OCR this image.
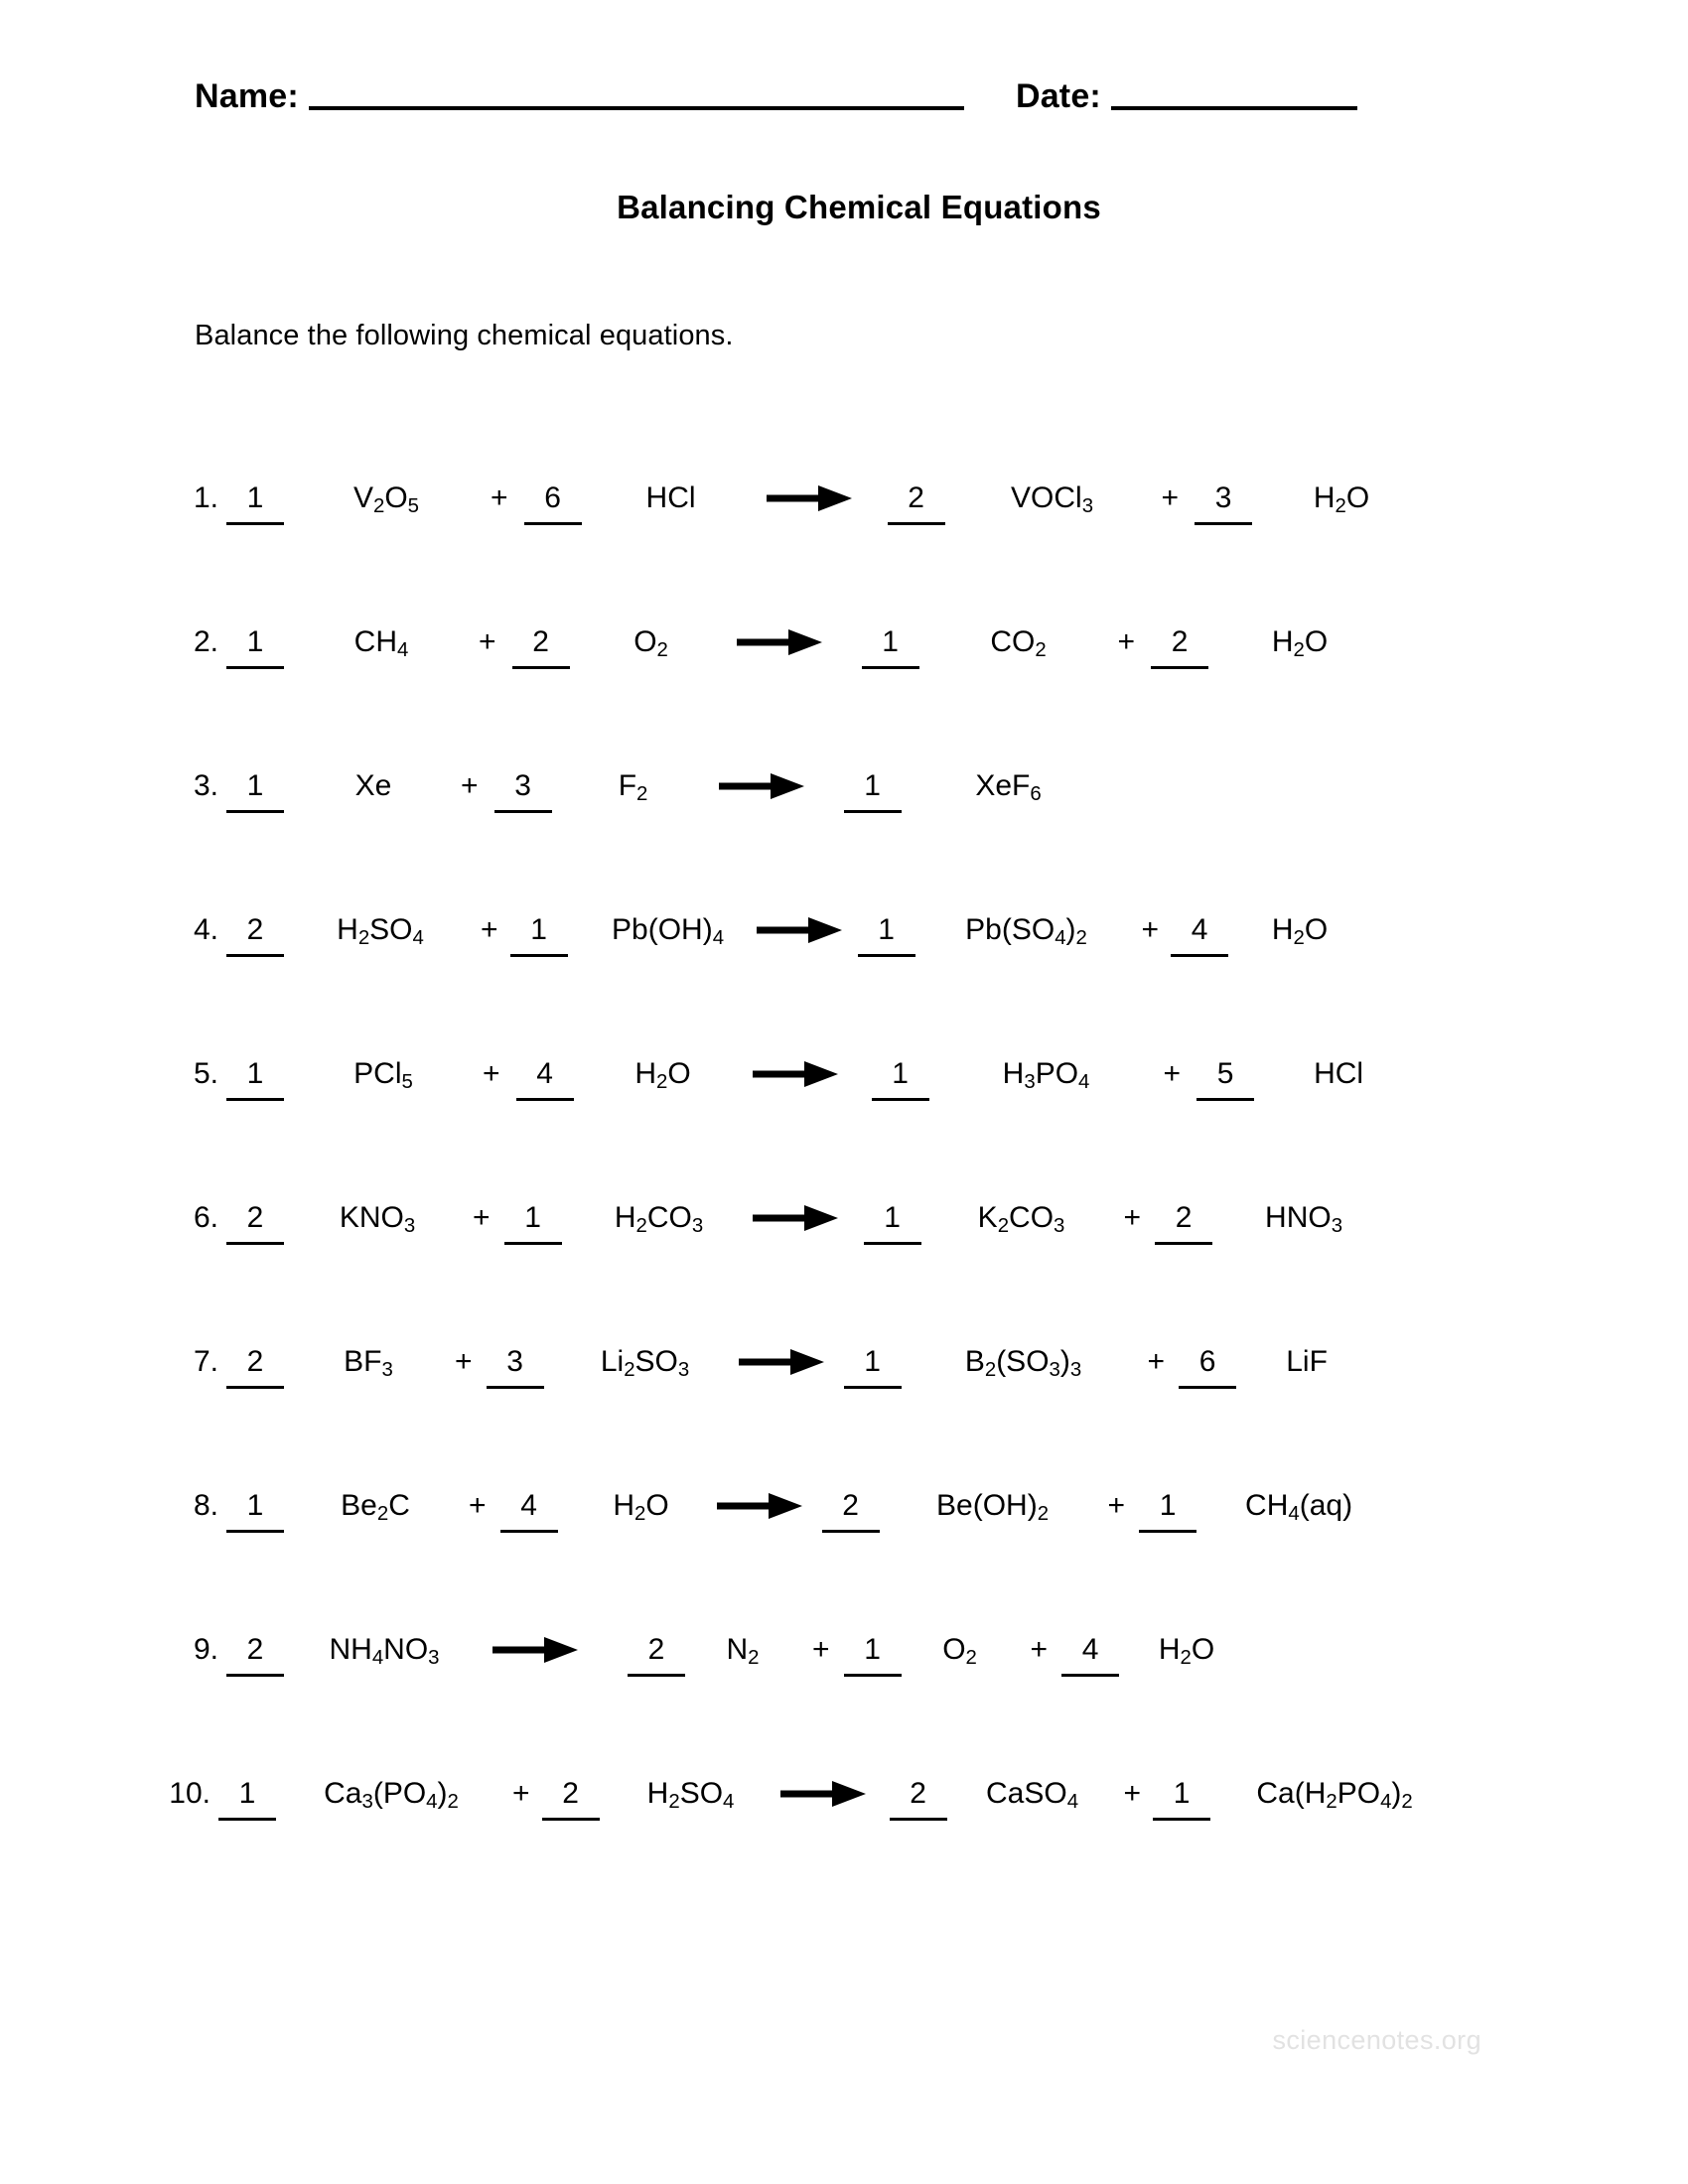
Name:	Date:
Balancing Chemical Equations
Balance the following chemical equations.
1. 1	$V_2O_5$	+	6	HCl	2	VOCl$_3$	+	3	$H_2O$
2. 1	$CH_4$	+	2	$O_2$	1	$CO_2$	+	2	$H_2O$
3. 1	Xe	+	3	$F_2$	1	XeF$_6$
4. 2	$H_2SO_4$	+	1	$Pb(OH)_4$	1	$Pb(SO_4)_2$	+	4	$H_2O$
5. 1	PCl$_5$	+	4	$H_2O$	1	$H_3PO_4$	+	5	HCl
6. 2	$KNO_3$	+	1	$H_2CO_3$	1	$K_2CO_3$	+	2	$HNO_3$
7. 2	$BF_3$	+	3	$Li_2SO_3$	1	$B_2(SO_3)_3$	+	6	LiF
8. 1	$Be_2C$	+	4	$H_2O$	2	$Be(OH)_2$	+	1	$CH_4(aq)$
9. 2	$NH_4NO_3$	2	$N_2$	+	1	$O_2$	+	4	$H_2O$
10. 1	$Ca_3(PO_4)_2$	+	2	$H_2SO_4$	2	CaSO$_4$	+	1	$Ca(H_2PO_4)_2$
sciencenotes.org
